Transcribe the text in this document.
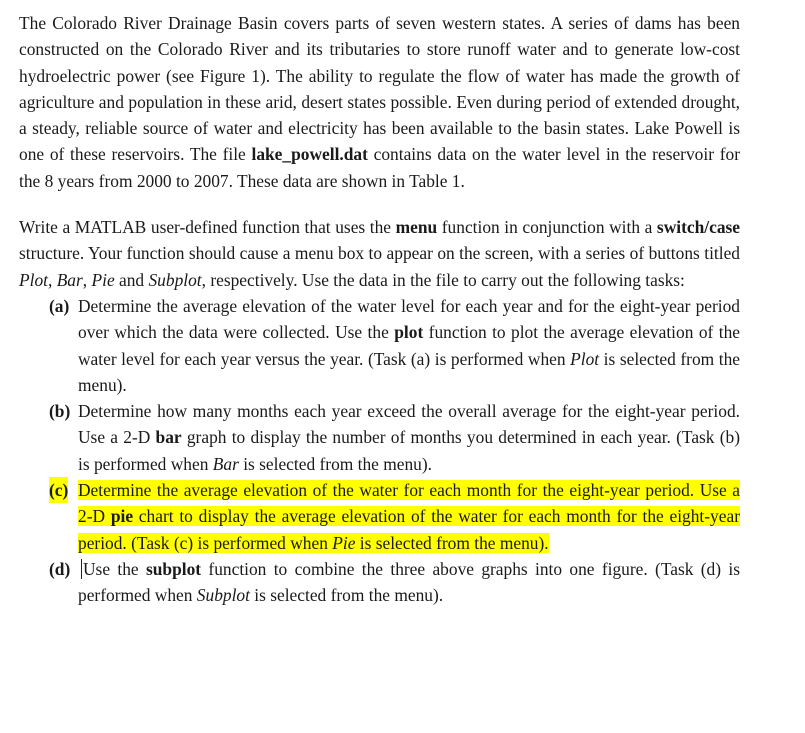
The Colorado River Drainage Basin covers parts of seven western states. A series of dams has been constructed on the Colorado River and its tributaries to store runoff water and to generate low-cost hydroelectric power (see Figure 1). The ability to regulate the flow of water has made the growth of agriculture and population in these arid, desert states possible. Even during period of extended drought, a steady, reliable source of water and electricity has been available to the basin states. Lake Powell is one of these reservoirs. The file lake_powell.dat contains data on the water level in the reservoir for the 8 years from 2000 to 2007. These data are shown in Table 1.

Write a MATLAB user-defined function that uses the menu function in conjunction with a switch/case structure. Your function should cause a menu box to appear on the screen, with a series of buttons titled Plot, Bar, Pie and Subplot, respectively. Use the data in the file to carry out the following tasks:

(a) Determine the average elevation of the water level for each year and for the eight-year period over which the data were collected. Use the plot function to plot the average elevation of the water level for each year versus the year. (Task (a) is performed when Plot is selected from the menu).
(b) Determine how many months each year exceed the overall average for the eight-year period. Use a 2-D bar graph to display the number of months you determined in each year. (Task (b) is performed when Bar is selected from the menu).
(c) Determine the average elevation of the water for each month for the eight-year period. Use a 2-D pie chart to display the average elevation of the water for each month for the eight-year period. (Task (c) is performed when Pie is selected from the menu).
(d) Use the subplot function to combine the three above graphs into one figure. (Task (d) is performed when Subplot is selected from the menu).
